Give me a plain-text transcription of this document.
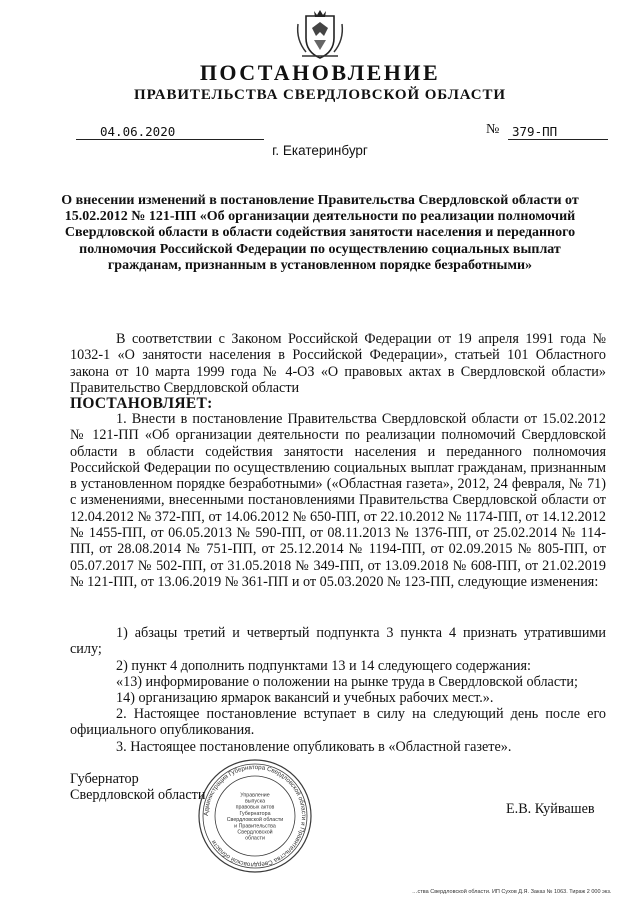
ПОСТАНОВЛЕНИЕ
ПРАВИТЕЛЬСТВА СВЕРДЛОВСКОЙ ОБЛАСТИ
04.06.2020	№ 379-ПП
г. Екатеринбург
О внесении изменений в постановление Правительства Свердловской области от 15.02.2012 № 121-ПП «Об организации деятельности по реализации полномочий Свердловской области в области содействия занятости населения и переданного полномочия Российской Федерации по осуществлению социальных выплат гражданам, признанным в установленном порядке безработными»
В соответствии с Законом Российской Федерации от 19 апреля 1991 года № 1032-1 «О занятости населения в Российской Федерации», статьей 101 Областного закона от 10 марта 1999 года № 4-ОЗ «О правовых актах в Свердловской области» Правительство Свердловской области
ПОСТАНОВЛЯЕТ:
1. Внести в постановление Правительства Свердловской области от 15.02.2012 № 121-ПП «Об организации деятельности по реализации полномочий Свердловской области в области содействия занятости населения и переданного полномочия Российской Федерации по осуществлению социальных выплат гражданам, признанным в установленном порядке безработными» («Областная газета», 2012, 24 февраля, № 71) с изменениями, внесенными постановлениями Правительства Свердловской области от 12.04.2012 № 372-ПП, от 14.06.2012 № 650-ПП, от 22.10.2012 № 1174-ПП, от 14.12.2012 № 1455-ПП, от 06.05.2013 № 590-ПП, от 08.11.2013 № 1376-ПП, от 25.02.2014 № 114-ПП, от 28.08.2014 № 751-ПП, от 25.12.2014 № 1194-ПП, от 02.09.2015 № 805-ПП, от 05.07.2017 № 502-ПП, от 31.05.2018 № 349-ПП, от 13.09.2018 № 608-ПП, от 21.02.2019 № 121-ПП, от 13.06.2019 № 361-ПП и от 05.03.2020 № 123-ПП, следующие изменения:
1) абзацы третий и четвертый подпункта 3 пункта 4 признать утратившими силу;
2) пункт 4 дополнить подпунктами 13 и 14 следующего содержания:
«13) информирование о положении на рынке труда в Свердловской области;
14) организацию ярмарок вакансий и учебных рабочих мест.».
2. Настоящее постановление вступает в силу на следующий день после его официального опубликования.
3. Настоящее постановление опубликовать в «Областной газете».
Администрация Губернатора Свердловской области и Правительства Свердловской области
Управление
выпуска
правовых актов
Губернатора
Свердловской области
и Правительства
Свердловской
области
Губернатор
Свердловской области
Е.В. Куйвашев
…ства Свердловской области. ИП Сухов Д.Я. Заказ № 1063. Тираж 2 000 экз.
